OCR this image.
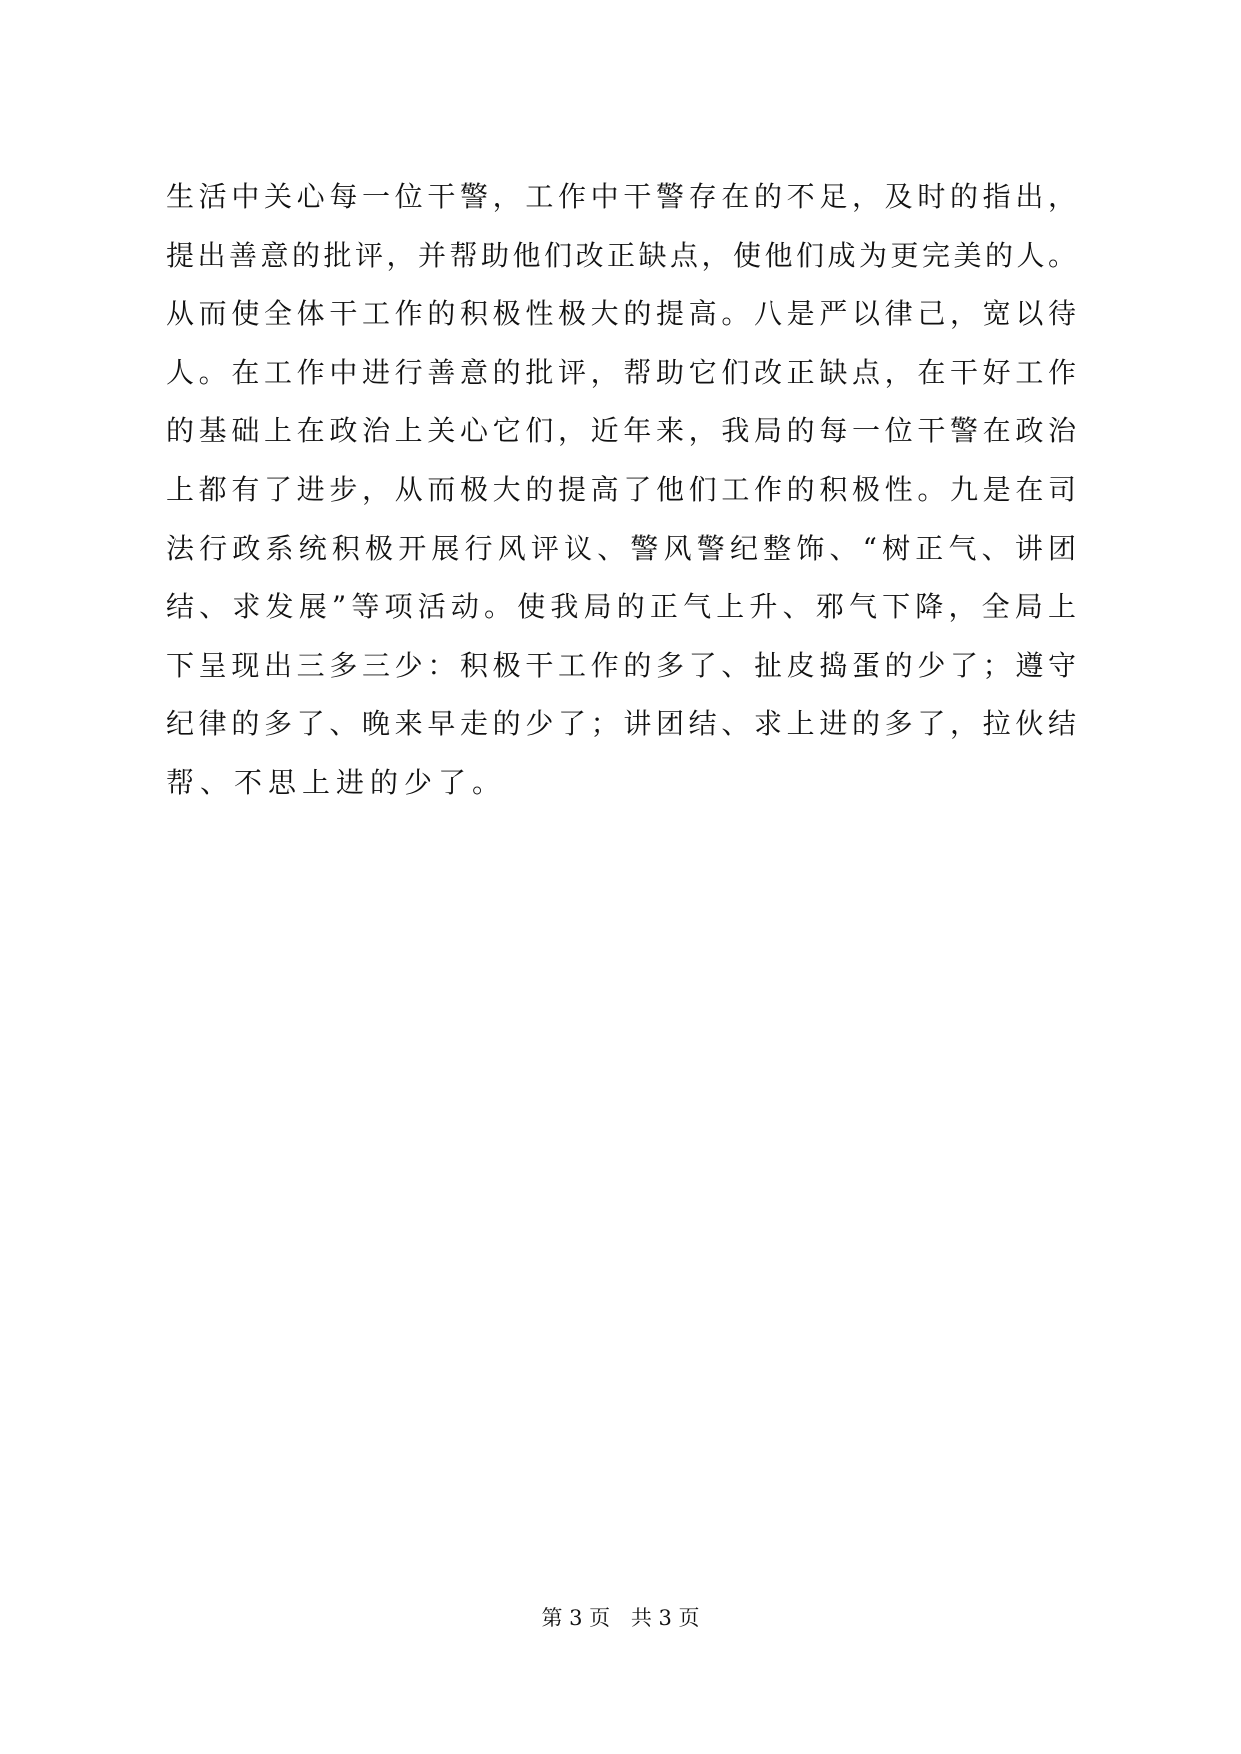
生活中关心每一位干警，工作中干警存在的不足，及时的指出，
提出善意的批评，并帮助他们改正缺点，使他们成为更完美的人。
从而使全体干工作的积极性极大的提高。八是严以律己，宽以待
人。在工作中进行善意的批评，帮助它们改正缺点，在干好工作
的基础上在政治上关心它们，近年来，我局的每一位干警在政治
上都有了进步，从而极大的提高了他们工作的积极性。九是在司
法行政系统积极开展行风评议、警风警纪整饰、“树正气、讲团
结、求发展”等项活动。使我局的正气上升、邪气下降，全局上
下呈现出三多三少：积极干工作的多了、扯皮捣蛋的少了；遵守
纪律的多了、晚来早走的少了；讲团结、求上进的多了，拉伙结
帮、不思上进的少了。
第 3 页 共 3 页
